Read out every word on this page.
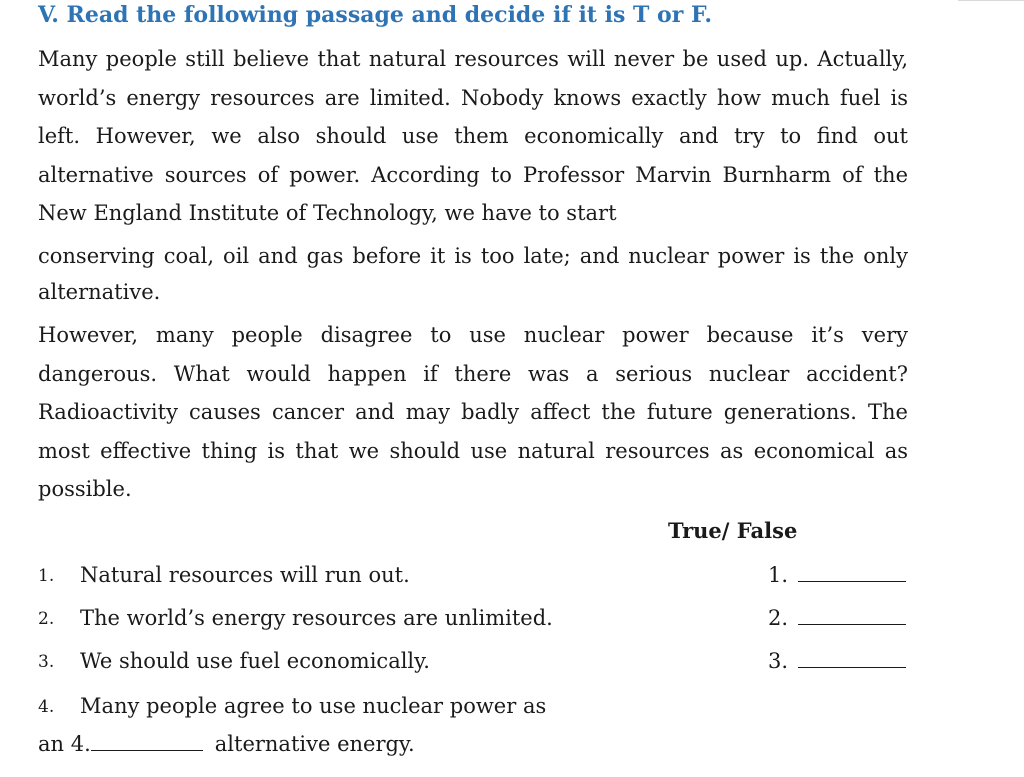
V. Read the following passage and decide if it is T or F.
Many people still believe that natural resources will never be used up. Actually,
world’s energy resources are limited. Nobody knows exactly how much fuel is
left. However, we also should use them economically and try to find out
alternative sources of power. According to Professor Marvin Burnharm of the
New England Institute of Technology, we have to start
conserving coal, oil and gas before it is too late; and nuclear power is the only
alternative.
However, many people disagree to use nuclear power because it’s very
dangerous. What would happen if there was a serious nuclear accident?
Radioactivity causes cancer and may badly affect the future generations. The
most effective thing is that we should use natural resources as economical as
possible.
True/ False
1. Natural resources will run out.	1.
2. The world’s energy resources are unlimited.	2.
3. We should use fuel economically.	3.
4. Many people agree to use nuclear power as
an 4.	alternative energy.
